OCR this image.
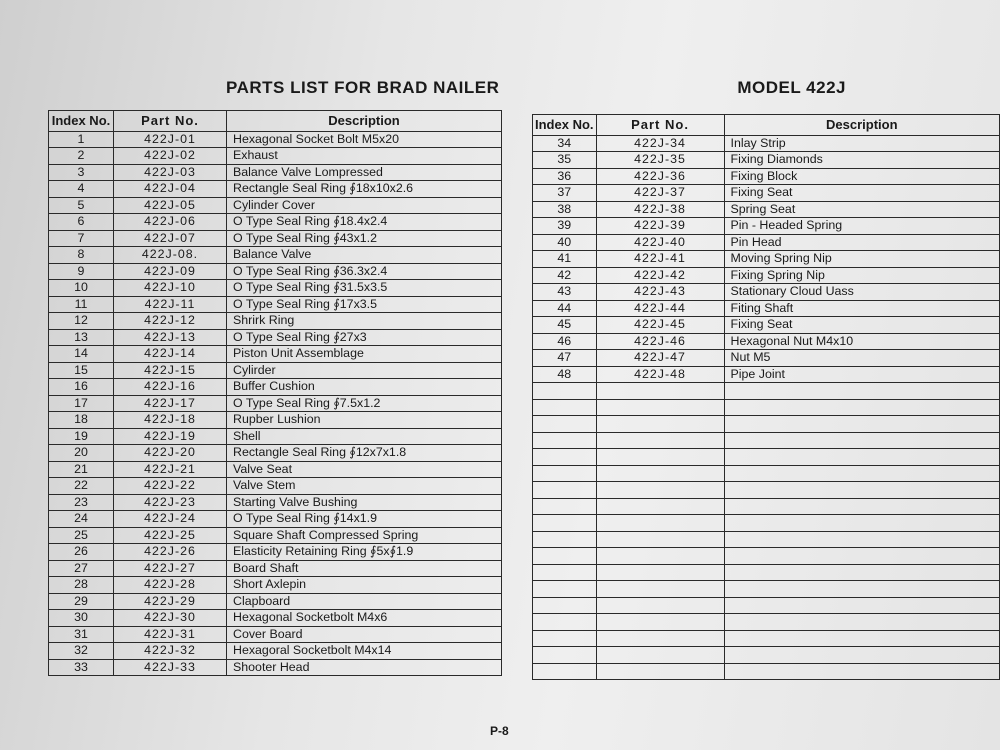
PARTS LIST FOR BRAD NAILER	MODEL 422J
Index No.	Part No.	Description
1	422J-01	Hexagonal Socket Bolt M5x20
2	422J-02	Exhaust
3	422J-03	Balance Valve Lompressed
4	422J-04	Rectangle Seal Ring ∮18x10x2.6
5	422J-05	Cylinder Cover
6	422J-06	O Type Seal Ring ∮18.4x2.4
7	422J-07	O Type Seal Ring ∮43x1.2
8	422J-08.	Balance Valve
9	422J-09	O Type Seal Ring ∮36.3x2.4
10	422J-10	O Type Seal Ring ∮31.5x3.5
11	422J-11	O Type Seal Ring ∮17x3.5
12	422J-12	Shrirk Ring
13	422J-13	O Type Seal Ring ∮27x3
14	422J-14	Piston Unit Assemblage
15	422J-15	Cylirder
16	422J-16	Buffer Cushion
17	422J-17	O Type Seal Ring ∮7.5x1.2
18	422J-18	Rupber Lushion
19	422J-19	Shell
20	422J-20	Rectangle Seal Ring ∮12x7x1.8
21	422J-21	Valve Seat
22	422J-22	Valve Stem
23	422J-23	Starting Valve Bushing
24	422J-24	O Type Seal Ring ∮14x1.9
25	422J-25	Square Shaft Compressed Spring
26	422J-26	Elasticity Retaining Ring ∮5x∮1.9
27	422J-27	Board Shaft
28	422J-28	Short Axlepin
29	422J-29	Clapboard
30	422J-30	Hexagonal Socketbolt M4x6
31	422J-31	Cover Board
32	422J-32	Hexagoral Socketbolt M4x14
33	422J-33	Shooter Head
Index No.	Part No.	Description
34	422J-34	Inlay Strip
35	422J-35	Fixing Diamonds
36	422J-36	Fixing Block
37	422J-37	Fixing Seat
38	422J-38	Spring Seat
39	422J-39	Pin - Headed Spring
40	422J-40	Pin Head
41	422J-41	Moving Spring Nip
42	422J-42	Fixing Spring Nip
43	422J-43	Stationary Cloud Uass
44	422J-44	Fiting Shaft
45	422J-45	Fixing Seat
46	422J-46	Hexagonal Nut M4x10
47	422J-47	Nut M5
48	422J-48	Pipe Joint

P-8
